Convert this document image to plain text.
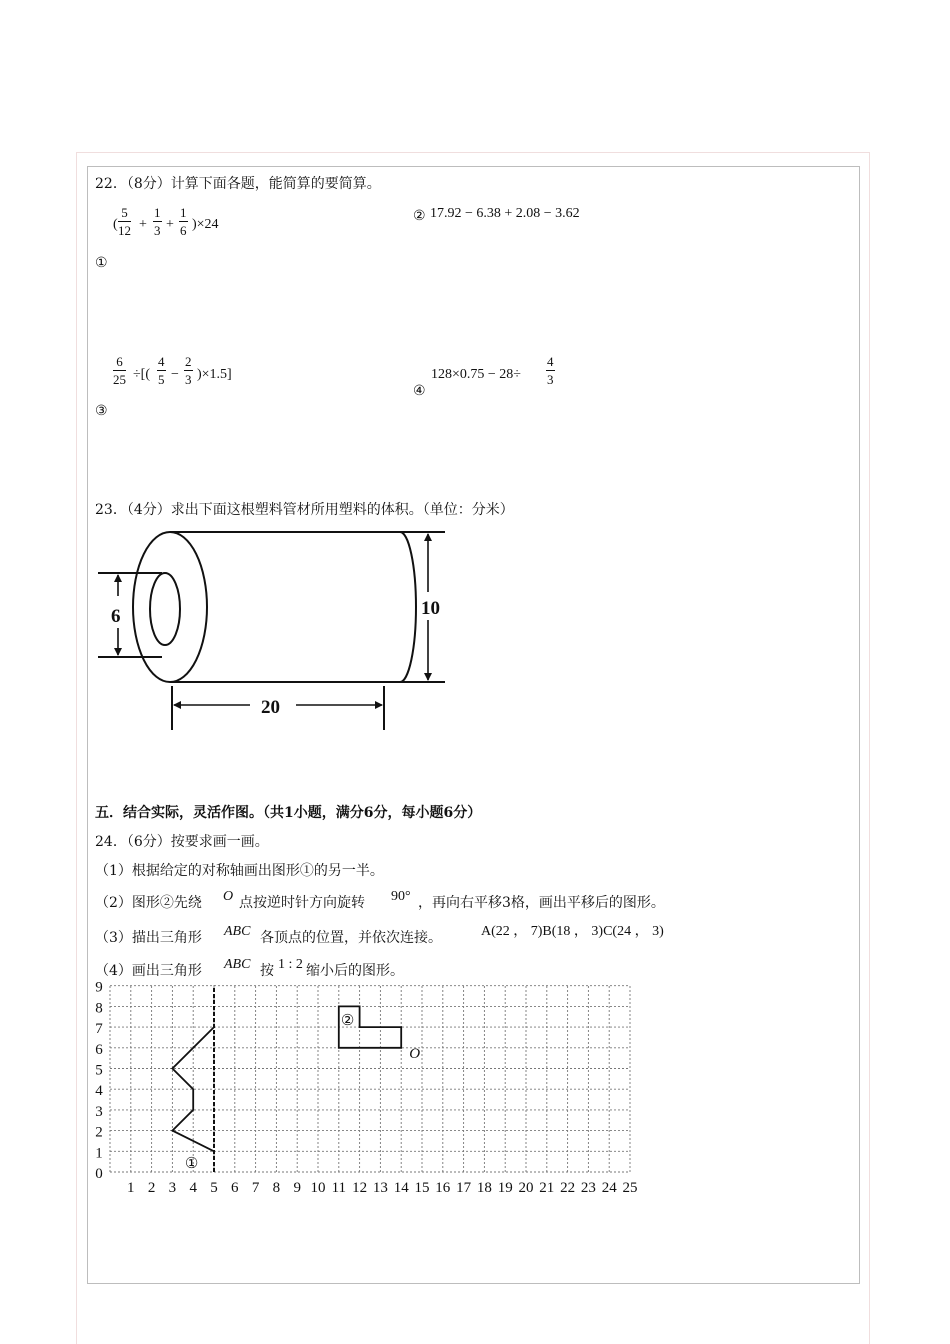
22．（8分）计算下面各题，能简算的要简算。
( $\frac{5}{12} + \frac{1}{3} + \frac{1}{6} )\times 24$
①
② 17.92 − 6.38 + 2.08 − 3.62
$\frac{6}{25}$ ÷[( $\frac{4}{5} - \frac{2}{3} )\times 1.5$]
③
④
$128\times 0.75 - 28\div \frac{4}{3}$
23．（4分）求出下面这根塑料管材所用塑料的体积。（单位：分米）
6	10
20
五．结合实际，灵活作图。（共1小题，满分6分，每小题6分）
24．（6分）按要求画一画。
（1）根据给定的对称轴画出图形①的另一半。
（2）图形②先绕 O 点按逆时针方向旋转 90° ，再向右平移3格，画出平移后的图形。
（3）描出三角形 ABC 各顶点的位置，并依次连接。	A(22 ， 7)B(18 ， 3)C(24 ， 3)
（4）画出三角形 ABC 按 1 : 2 缩小后的图形。
1 2 3 4 5 6 7 8 9 10 11 12 13 14 15 16 17 18 19 20 21 22 23 24 25
0
1
2
3
4
5
6
7
8
9
①
②
O
